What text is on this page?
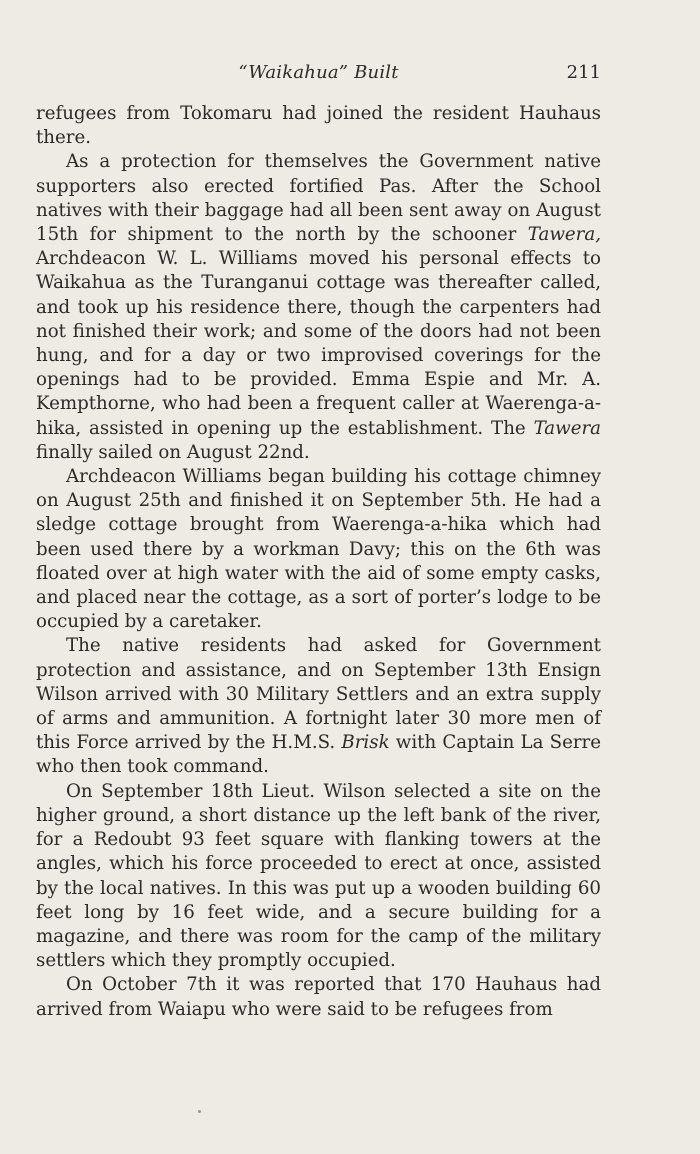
“Waikahua” Built	211

refugees from Tokomaru had joined the resident Hauhaus there.

As a protection for themselves the Government native supporters also erected fortified Pas. After the School natives with their baggage had all been sent away on August 15th for shipment to the north by the schooner Tawera, Archdeacon W. L. Williams moved his personal effects to Waikahua as the Turanganui cottage was thereafter called, and took up his residence there, though the carpenters had not finished their work; and some of the doors had not been hung, and for a day or two improvised coverings for the openings had to be provided. Emma Espie and Mr. A. Kempthorne, who had been a frequent caller at Waerenga-a-hika, assisted in opening up the establishment. The Tawera finally sailed on August 22nd.

Archdeacon Williams began building his cottage chimney on August 25th and finished it on September 5th. He had a sledge cottage brought from Waerenga-a-hika which had been used there by a workman Davy; this on the 6th was floated over at high water with the aid of some empty casks, and placed near the cottage, as a sort of porter’s lodge to be occupied by a caretaker.

The native residents had asked for Government protection and assistance, and on September 13th Ensign Wilson arrived with 30 Military Settlers and an extra supply of arms and ammunition. A fortnight later 30 more men of this Force arrived by the H.M.S. Brisk with Captain La Serre who then took command.

On September 18th Lieut. Wilson selected a site on the higher ground, a short distance up the left bank of the river, for a Redoubt 93 feet square with flanking towers at the angles, which his force proceeded to erect at once, assisted by the local natives. In this was put up a wooden building 60 feet long by 16 feet wide, and a secure building for a magazine, and there was room for the camp of the military settlers which they promptly occupied.

On October 7th it was reported that 170 Hauhaus had arrived from Waiapu who were said to be refugees from
